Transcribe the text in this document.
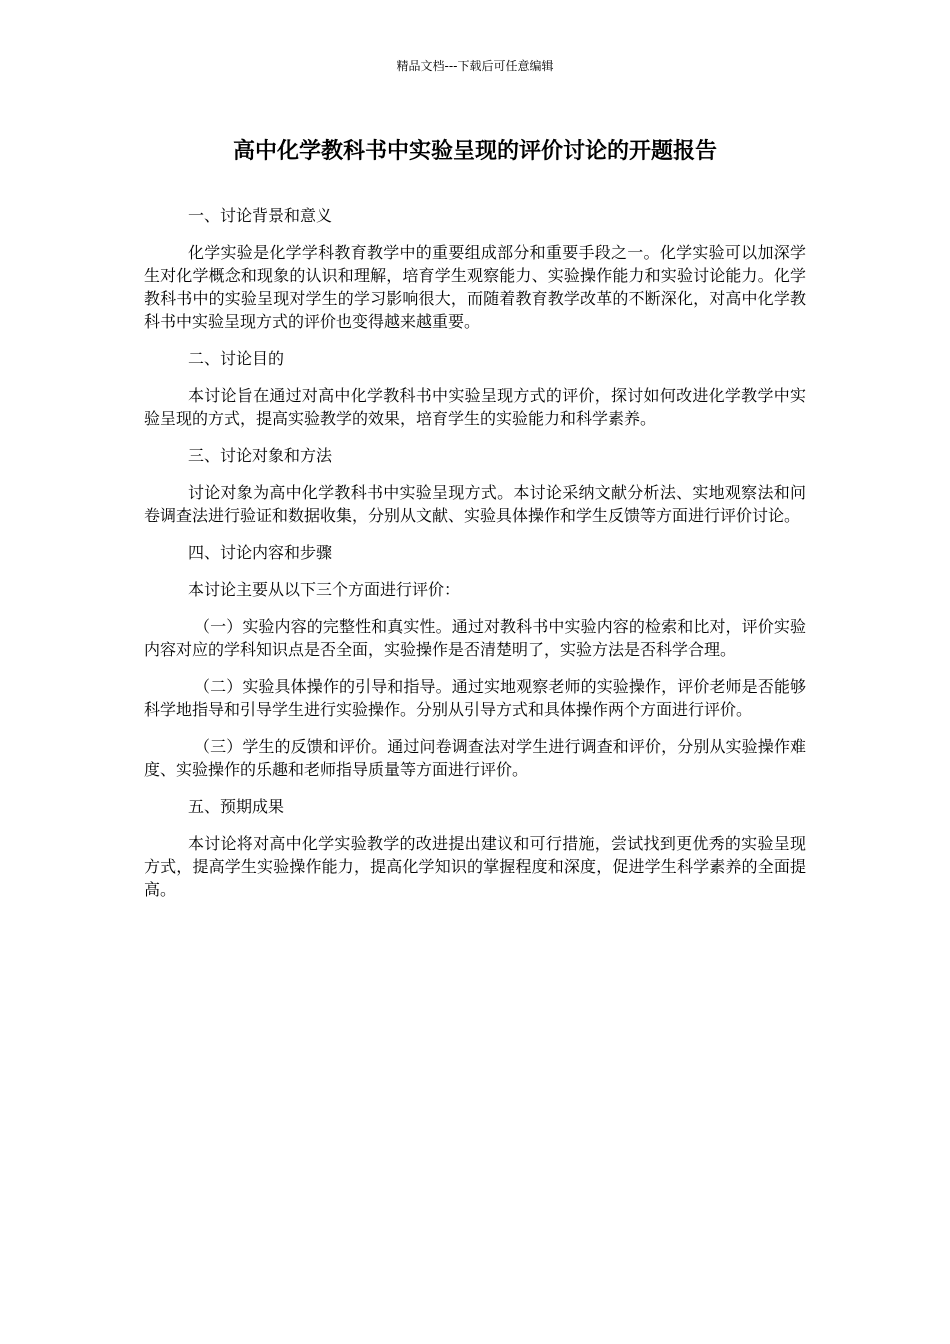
精品文档---下载后可任意编辑
高中化学教科书中实验呈现的评价讨论的开题报告

一、讨论背景和意义

化学实验是化学学科教育教学中的重要组成部分和重要手段之一。化学实验可以加深学生对化学概念和现象的认识和理解，培育学生观察能力、实验操作能力和实验讨论能力。化学教科书中的实验呈现对学生的学习影响很大，而随着教育教学改革的不断深化，对高中化学教科书中实验呈现方式的评价也变得越来越重要。

二、讨论目的

本讨论旨在通过对高中化学教科书中实验呈现方式的评价，探讨如何改进化学教学中实验呈现的方式，提高实验教学的效果，培育学生的实验能力和科学素养。

三、讨论对象和方法

讨论对象为高中化学教科书中实验呈现方式。本讨论采纳文献分析法、实地观察法和问卷调查法进行验证和数据收集，分别从文献、实验具体操作和学生反馈等方面进行评价讨论。

四、讨论内容和步骤

本讨论主要从以下三个方面进行评价：

（一）实验内容的完整性和真实性。通过对教科书中实验内容的检索和比对，评价实验内容对应的学科知识点是否全面，实验操作是否清楚明了，实验方法是否科学合理。

（二）实验具体操作的引导和指导。通过实地观察老师的实验操作，评价老师是否能够科学地指导和引导学生进行实验操作。分别从引导方式和具体操作两个方面进行评价。

（三）学生的反馈和评价。通过问卷调查法对学生进行调查和评价，分别从实验操作难度、实验操作的乐趣和老师指导质量等方面进行评价。

五、预期成果

本讨论将对高中化学实验教学的改进提出建议和可行措施，尝试找到更优秀的实验呈现方式，提高学生实验操作能力，提高化学知识的掌握程度和深度，促进学生科学素养的全面提高。
